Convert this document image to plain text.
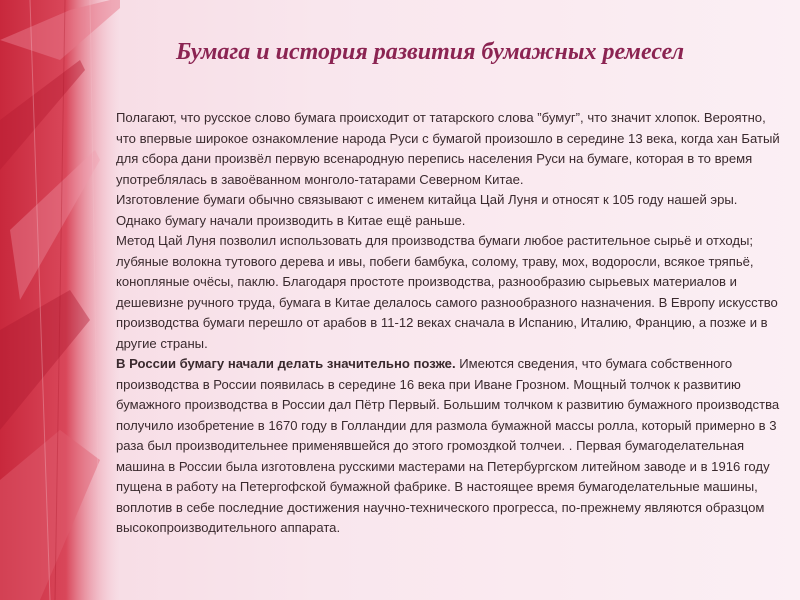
Бумага и история развития бумажных ремесел

Полагают, что русское слово бумага происходит от татарского слова ”бумуг”, что значит хлопок. Вероятно, что впервые широкое ознакомление народа Руси с бумагой произошло в середине 13 века, когда хан Батый для сбора дани произвёл первую всенародную перепись населения Руси на бумаге, которая в то время употреблялась в завоёванном монголо-татарами Северном Китае.

Изготовление бумаги обычно связывают с именем китайца Цай Луня и относят к 105 году нашей эры. Однако бумагу начали производить в Китае ещё раньше.

Метод Цай Луня позволил использовать для производства бумаги любое растительное сырьё и отходы; лубяные волокна тутового дерева и ивы, побеги бамбука, солому, траву, мох, водоросли, всякое тряпьё, конопляные очёсы, паклю. Благодаря простоте производства, разнообразию сырьевых материалов и дешевизне ручного труда, бумага в Китае делалось самого разнообразного назначения. В Европу искусство производства бумаги перешло от арабов в 11-12 веках сначала в Испанию, Италию, Францию, а позже и в другие страны.

В России бумагу начали делать значительно позже. Имеются сведения, что бумага собственного производства в России появилась в середине 16 века при Иване Грозном. Мощный толчок к развитию бумажного производства в России дал Пётр Первый. Большим толчком к развитию бумажного производства получило изобретение в 1670 году в Голландии для размола бумажной массы ролла, который примерно в 3 раза был производительнее применявшейся до этого громоздкой толчеи. . Первая бумагоделательная машина в России была изготовлена русскими мастерами на Петербургском литейном заводе и в 1916 году пущена в работу на Петергофской бумажной фабрике. В настоящее время бумагоделательные машины, воплотив в себе последние достижения научно-технического прогресса, по-прежнему являются образцом высокопроизводительного аппарата.
